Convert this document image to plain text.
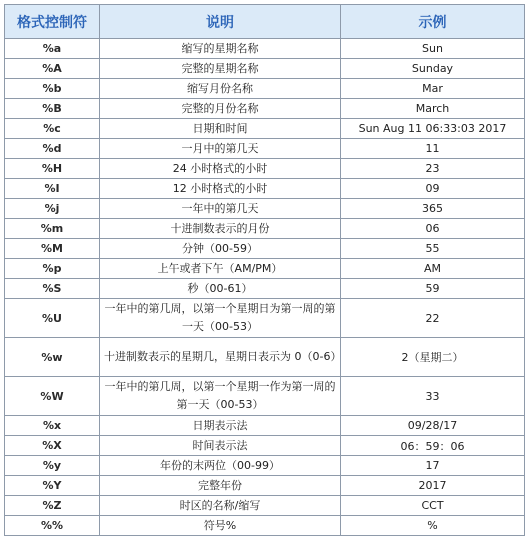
格式控制符	说明	示例
%a	缩写的星期名称	Sun
%A	完整的星期名称	Sunday
%b	缩写月份名称	Mar
%B	完整的月份名称	March
%c	日期和时间	Sun Aug 11 06:33:03 2017
%d	一月中的第几天	11
%H	24 小时格式的小时	23
%I	12 小时格式的小时	09
%j	一年中的第几天	365
%m	十进制数表示的月份	06
%M	分钟（00-59）	55
%p	上午或者下午（AM/PM）	AM
%S	秒（00-61）	59
%U	一年中的第几周，以第一个星期日为第一周的第一天（00-53）	22
%w	十进制数表示的星期几，星期日表示为 0（0-6）	2（星期二）
%W	一年中的第几周，以第一个星期一作为第一周的第一天（00-53）	33
%x	日期表示法	09/28/17
%X	时间表示法	06：59：06
%y	年份的末两位（00-99）	17
%Y	完整年份	2017
%Z	时区的名称/缩写	CCT
%%	符号%	%
